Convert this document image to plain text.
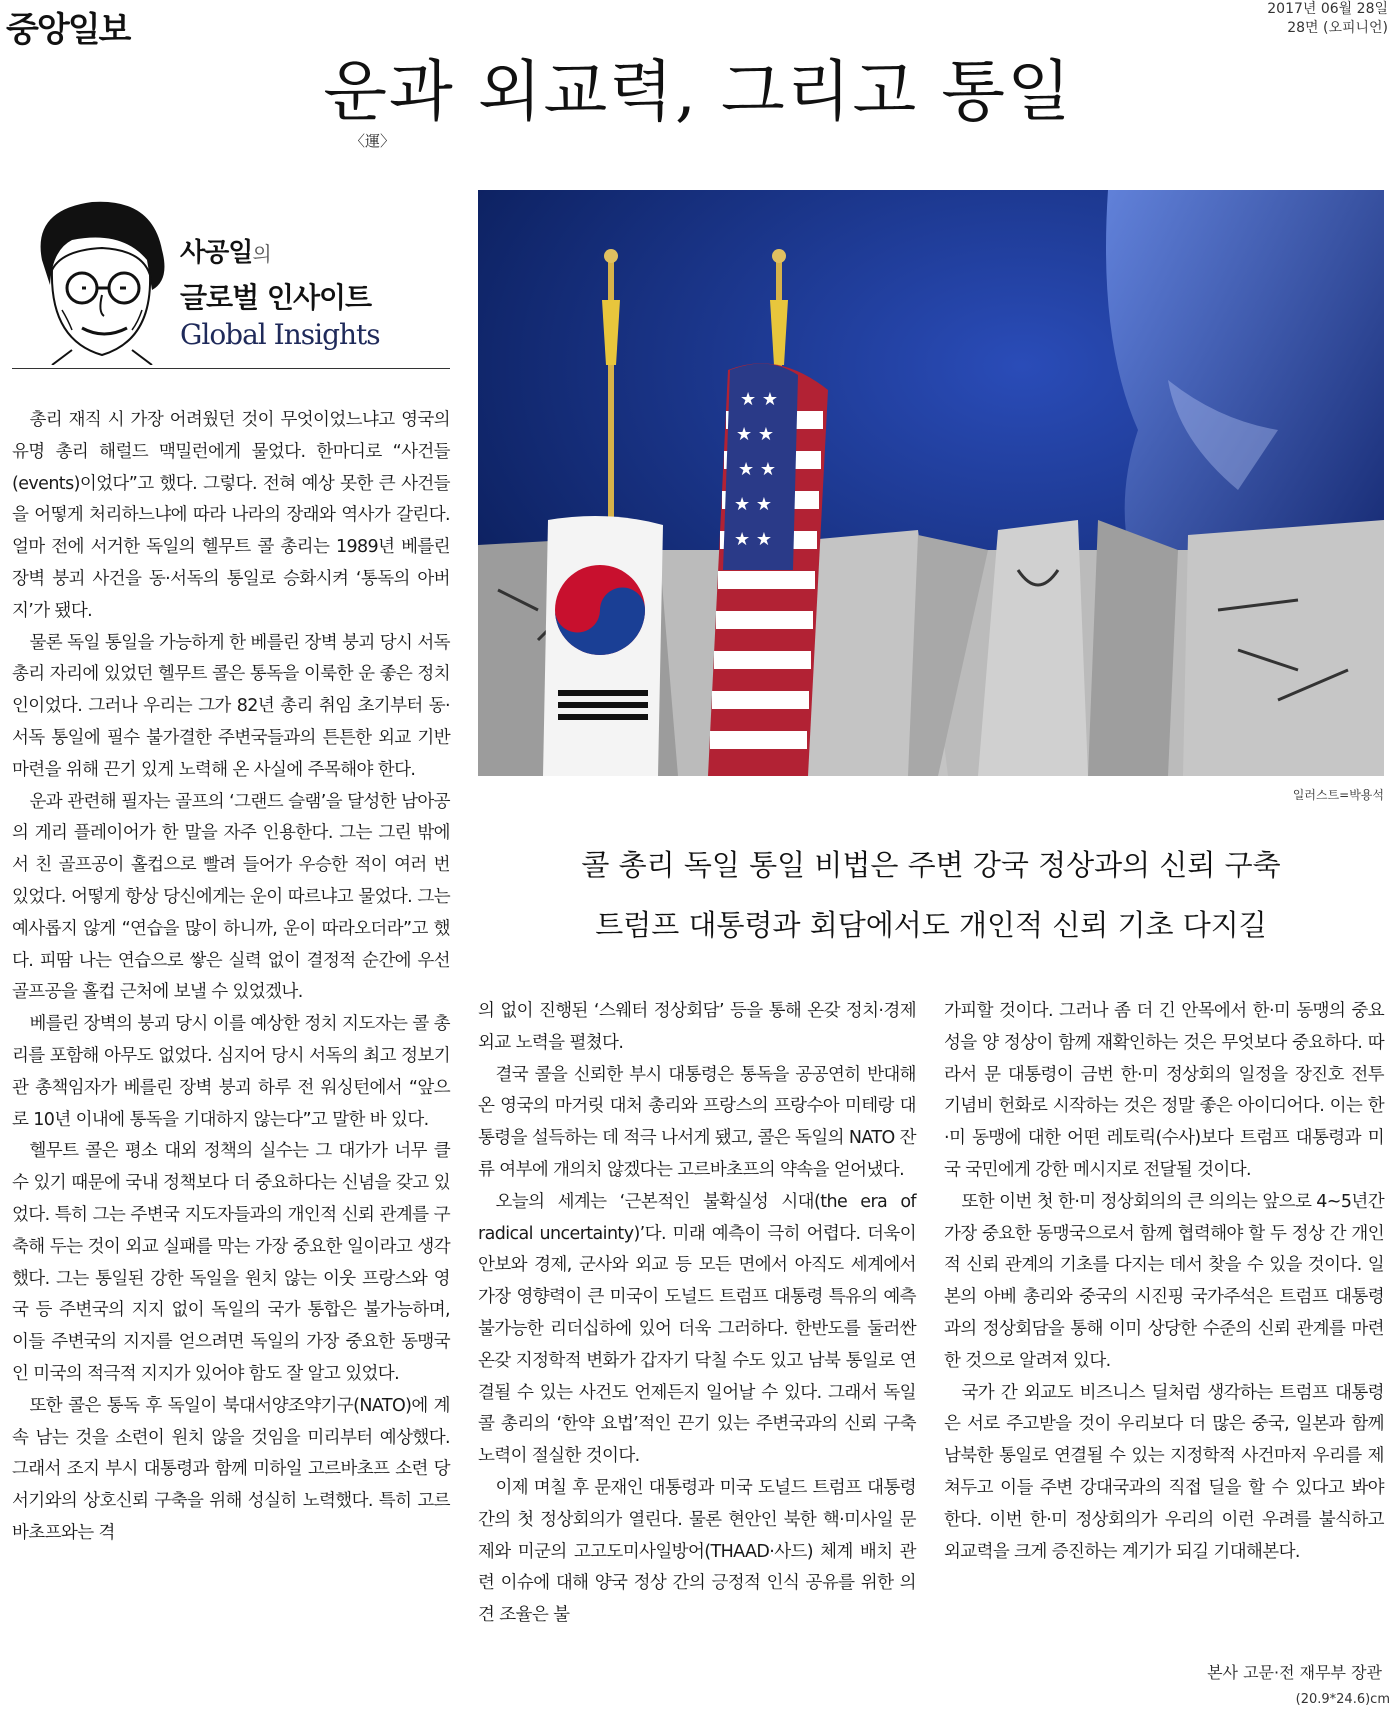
중앙일보
2017년 06월 28일
28면 (오피니언)
운과 외교력, 그리고 통일
〈運〉
사공일의
글로벌 인사이트
Global Insights
★ ★
★ ★
★ ★
★ ★
★ ★
일러스트=박용석
콜 총리 독일 통일 비법은 주변 강국 정상과의 신뢰 구축
트럼프 대통령과 회담에서도 개인적 신뢰 기초 다지길

총리 재직 시 가장 어려웠던 것이 무엇이었느냐고 영국의 유명 총리 해럴드 맥밀런에게 물었다. 한마디로 “사건들(events)이었다”고 했다. 그렇다. 전혀 예상 못한 큰 사건들을 어떻게 처리하느냐에 따라 나라의 장래와 역사가 갈린다. 얼마 전에 서거한 독일의 헬무트 콜 총리는 1989년 베를린 장벽 붕괴 사건을 동·서독의 통일로 승화시켜 ‘통독의 아버지’가 됐다.

물론 독일 통일을 가능하게 한 베를린 장벽 붕괴 당시 서독 총리 자리에 있었던 헬무트 콜은 통독을 이룩한 운 좋은 정치인이었다. 그러나 우리는 그가 82년 총리 취임 초기부터 동·서독 통일에 필수 불가결한 주변국들과의 튼튼한 외교 기반 마련을 위해 끈기 있게 노력해 온 사실에 주목해야 한다.

운과 관련해 필자는 골프의 ‘그랜드 슬램’을 달성한 남아공의 게리 플레이어가 한 말을 자주 인용한다. 그는 그린 밖에서 친 골프공이 홀컵으로 빨려 들어가 우승한 적이 여러 번 있었다. 어떻게 항상 당신에게는 운이 따르냐고 물었다. 그는 예사롭지 않게 “연습을 많이 하니까, 운이 따라오더라”고 했다. 피땀 나는 연습으로 쌓은 실력 없이 결정적 순간에 우선 골프공을 홀컵 근처에 보낼 수 있었겠나.

베를린 장벽의 붕괴 당시 이를 예상한 정치 지도자는 콜 총리를 포함해 아무도 없었다. 심지어 당시 서독의 최고 정보기관 총책임자가 베를린 장벽 붕괴 하루 전 워싱턴에서 “앞으로 10년 이내에 통독을 기대하지 않는다”고 말한 바 있다.

헬무트 콜은 평소 대외 정책의 실수는 그 대가가 너무 클 수 있기 때문에 국내 정책보다 더 중요하다는 신념을 갖고 있었다. 특히 그는 주변국 지도자들과의 개인적 신뢰 관계를 구축해 두는 것이 외교 실패를 막는 가장 중요한 일이라고 생각했다. 그는 통일된 강한 독일을 원치 않는 이웃 프랑스와 영국 등 주변국의 지지 없이 독일의 국가 통합은 불가능하며, 이들 주변국의 지지를 얻으려면 독일의 가장 중요한 동맹국인 미국의 적극적 지지가 있어야 함도 잘 알고 있었다.

또한 콜은 통독 후 독일이 북대서양조약기구(NATO)에 계속 남는 것을 소련이 원치 않을 것임을 미리부터 예상했다. 그래서 조지 부시 대통령과 함께 미하일 고르바초프 소련 당서기와의 상호신뢰 구축을 위해 성실히 노력했다. 특히 고르바초프와는 격

의 없이 진행된 ‘스웨터 정상회담’ 등을 통해 온갖 정치·경제 외교 노력을 펼쳤다.

결국 콜을 신뢰한 부시 대통령은 통독을 공공연히 반대해 온 영국의 마거릿 대처 총리와 프랑스의 프랑수아 미테랑 대통령을 설득하는 데 적극 나서게 됐고, 콜은 독일의 NATO 잔류 여부에 개의치 않겠다는 고르바초프의 약속을 얻어냈다.

오늘의 세계는 ‘근본적인 불확실성 시대(the era of radical uncertainty)’다. 미래 예측이 극히 어렵다. 더욱이 안보와 경제, 군사와 외교 등 모든 면에서 아직도 세계에서 가장 영향력이 큰 미국이 도널드 트럼프 대통령 특유의 예측 불가능한 리더십하에 있어 더욱 그러하다. 한반도를 둘러싼 온갖 지정학적 변화가 갑자기 닥칠 수도 있고 남북 통일로 연결될 수 있는 사건도 언제든지 일어날 수 있다. 그래서 독일 콜 총리의 ‘한약 요법’적인 끈기 있는 주변국과의 신뢰 구축 노력이 절실한 것이다.

이제 며칠 후 문재인 대통령과 미국 도널드 트럼프 대통령 간의 첫 정상회의가 열린다. 물론 현안인 북한 핵·미사일 문제와 미군의 고고도미사일방어(THAAD·사드) 체계 배치 관련 이슈에 대해 양국 정상 간의 긍정적 인식 공유를 위한 의견 조율은 불

가피할 것이다. 그러나 좀 더 긴 안목에서 한·미 동맹의 중요성을 양 정상이 함께 재확인하는 것은 무엇보다 중요하다. 따라서 문 대통령이 금번 한·미 정상회의 일정을 장진호 전투 기념비 헌화로 시작하는 것은 정말 좋은 아이디어다. 이는 한·미 동맹에 대한 어떤 레토릭(수사)보다 트럼프 대통령과 미국 국민에게 강한 메시지로 전달될 것이다.

또한 이번 첫 한·미 정상회의의 큰 의의는 앞으로 4~5년간 가장 중요한 동맹국으로서 함께 협력해야 할 두 정상 간 개인적 신뢰 관계의 기초를 다지는 데서 찾을 수 있을 것이다. 일본의 아베 총리와 중국의 시진핑 국가주석은 트럼프 대통령과의 정상회담을 통해 이미 상당한 수준의 신뢰 관계를 마련한 것으로 알려져 있다.

국가 간 외교도 비즈니스 딜처럼 생각하는 트럼프 대통령은 서로 주고받을 것이 우리보다 더 많은 중국, 일본과 함께 남북한 통일로 연결될 수 있는 지정학적 사건마저 우리를 제쳐두고 이들 주변 강대국과의 직접 딜을 할 수 있다고 봐야 한다. 이번 한·미 정상회의가 우리의 이런 우려를 불식하고 외교력을 크게 증진하는 계기가 되길 기대해본다.

본사 고문·전 재무부 장관
(20.9*24.6)cm
